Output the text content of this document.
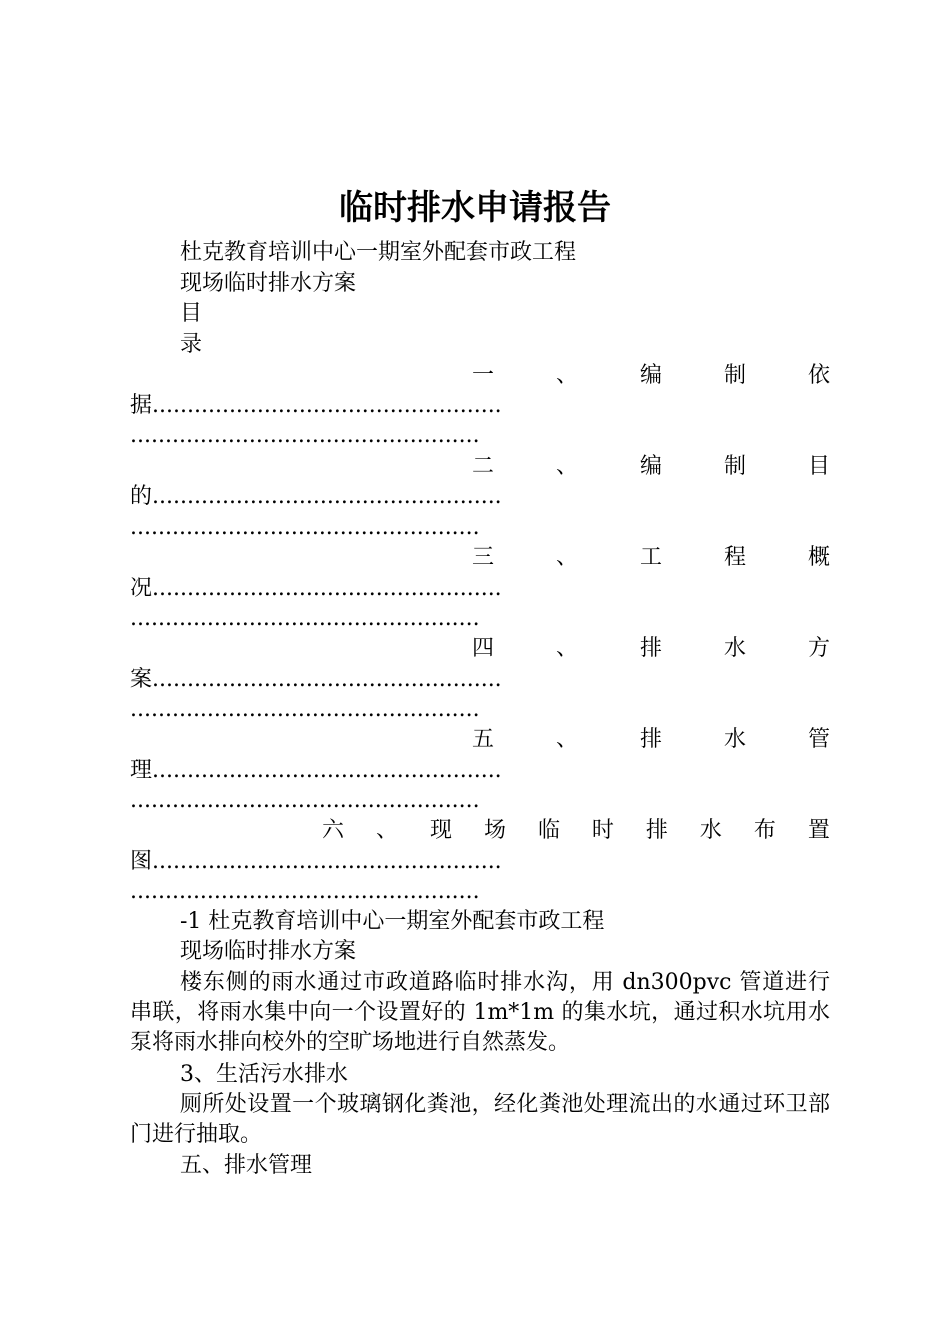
临时排水申请报告
杜克教育培训中心一期室外配套市政工程
现场临时排水方案
目
录
一	、	编	制	依
据..................................................
..................................................
二	、	编	制	目
的..................................................
..................................................
三	、	工	程	概
况..................................................
..................................................
四	、	排	水	方
案..................................................
..................................................
五	、	排	水	管
理..................................................
..................................................
六 、 现 场 临 时 排 水 布 置
图..................................................
..................................................
-1 杜克教育培训中心一期室外配套市政工程
现场临时排水方案
楼东侧的雨水通过市政道路临时排水沟，用 dn300pvc 管道进行串联，将雨水集中向一个设置好的 1m*1m 的集水坑，通过积水坑用水泵将雨水排向校外的空旷场地进行自然蒸发。
3、生活污水排水
厕所处设置一个玻璃钢化粪池，经化粪池处理流出的水通过环卫部门进行抽取。
五、排水管理
